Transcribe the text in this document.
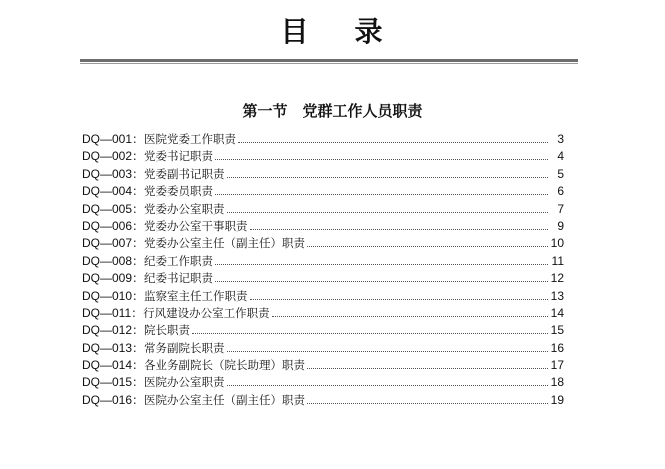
目 录
第一节　党群工作人员职责
DQ—001 ： 医院党委工作职责	3
DQ—002 ： 党委书记职责	4
DQ—003 ： 党委副书记职责	5
DQ—004 ： 党委委员职责	6
DQ—005 ： 党委办公室职责	7
DQ—006 ： 党委办公室干事职责	9
DQ—007 ： 党委办公室主任（副主任）职责	10
DQ—008 ： 纪委工作职责	11
DQ—009 ： 纪委书记职责	12
DQ—010 ： 监察室主任工作职责	13
DQ—011 ： 行风建设办公室工作职责	14
DQ—012 ： 院长职责	15
DQ—013 ： 常务副院长职责	16
DQ—014 ： 各业务副院长（院长助理）职责	17
DQ—015 ： 医院办公室职责	18
DQ—016 ： 医院办公室主任（副主任）职责	19
